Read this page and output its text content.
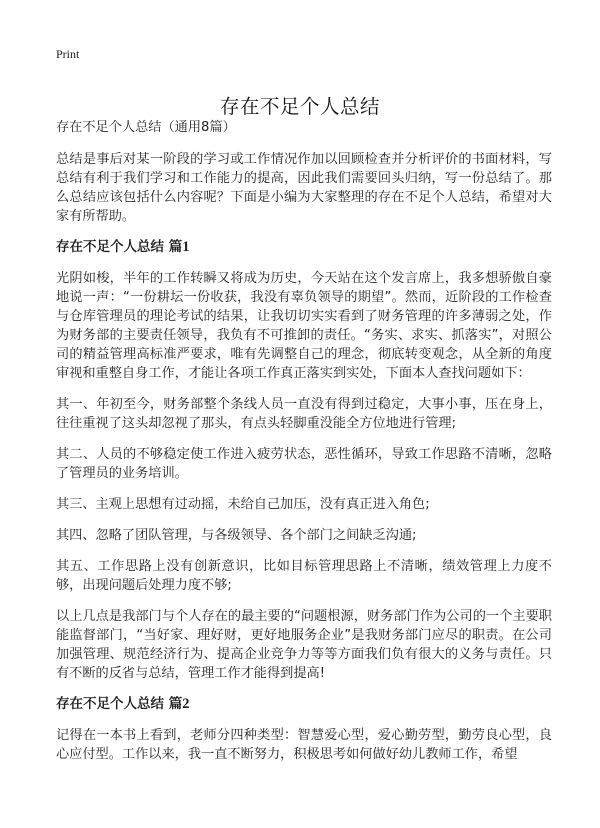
Print
存在不足个人总结

存在不足个人总结（通用8篇）

总结是事后对某一阶段的学习或工作情况作加以回顾检查并分析评价的书面材料，写总结有利于我们学习和工作能力的提高，因此我们需要回头归纳，写一份总结了。那么总结应该包括什么内容呢？下面是小编为大家整理的存在不足个人总结，希望对大家有所帮助。

存在不足个人总结 篇1

光阴如梭，半年的工作转瞬又将成为历史，今天站在这个发言席上，我多想骄傲自豪地说一声：“一份耕坛一份收获，我没有辜负领导的期望”。然而，近阶段的工作检查与仓库管理员的理论考试的结果，让我切切实实看到了财务管理的许多薄弱之处，作为财务部的主要责任领导，我负有不可推卸的责任。“务实、求实、抓落实”，对照公司的精益管理高标准严要求，唯有先调整自己的理念，彻底转变观念，从全新的角度审视和重整自身工作，才能让各项工作真正落实到实处，下面本人查找问题如下：

其一、年初至今，财务部整个条线人员一直没有得到过稳定，大事小事，压在身上，往往重视了这头却忽视了那头，有点头轻脚重没能全方位地进行管理;

其二、人员的不够稳定使工作进入疲劳状态，恶性循环，导致工作思路不清晰，忽略了管理员的业务培训。

其三、主观上思想有过动摇，未给自己加压，没有真正进入角色;

其四、忽略了团队管理，与各级领导、各个部门之间缺乏沟通;

其五、工作思路上没有创新意识，比如目标管理思路上不清晰，绩效管理上力度不够，出现问题后处理力度不够;

以上几点是我部门与个人存在的最主要的“问题根源，财务部门作为公司的一个主要职能监督部门，“当好家、理好财，更好地服务企业”是我财务部门应尽的职责。在公司加强管理、规范经济行为、提高企业竞争力等等方面我们负有很大的义务与责任。只有不断的反省与总结，管理工作才能得到提高!

存在不足个人总结 篇2

记得在一本书上看到，老师分四种类型：智慧爱心型，爱心勤劳型，勤劳良心型，良心应付型。工作以来，我一直不断努力，积极思考如何做好幼儿教师工作，希望
